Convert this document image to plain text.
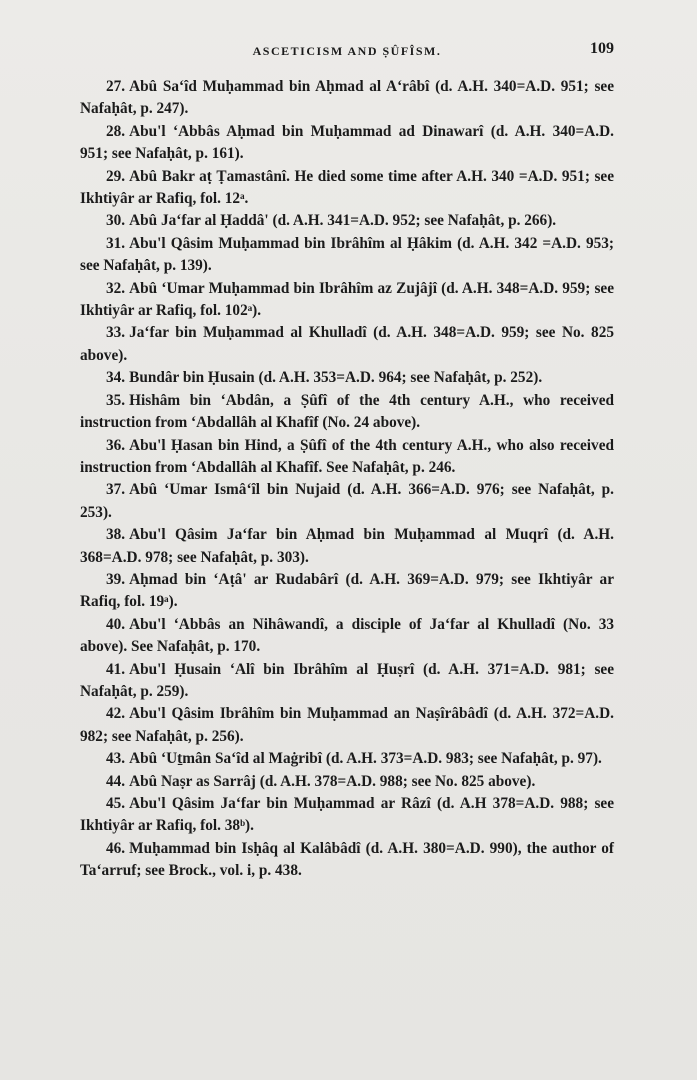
ASCETICISM AND ṢÛFÎSM.	109

27. Abû Sa‘îd Muḥammad bin Aḥmad al A‘râbî (d. A.H. 340=A.D. 951; see Nafaḥât, p. 247).

28. Abu'l ‘Abbâs Aḥmad bin Muḥammad ad Dinawarî (d. A.H. 340=A.D. 951; see Nafaḥât, p. 161).

29. Abû Bakr aṭ Ṭamastânî. He died some time after A.H. 340 =A.D. 951; see Ikhtiyâr ar Rafiq, fol. 12ᵃ.

30. Abû Ja‘far al Ḥaddâ' (d. A.H. 341=A.D. 952; see Nafaḥât, p. 266).

31. Abu'l Qâsim Muḥammad bin Ibrâhîm al Ḥâkim (d. A.H. 342 =A.D. 953; see Nafaḥât, p. 139).

32. Abû ‘Umar Muḥammad bin Ibrâhîm az Zujâjî (d. A.H. 348=A.D. 959; see Ikhtiyâr ar Rafiq, fol. 102ᵃ).

33. Ja‘far bin Muḥammad al Khulladî (d. A.H. 348=A.D. 959; see No. 825 above).

34. Bundâr bin Ḥusain (d. A.H. 353=A.D. 964; see Nafaḥât, p. 252).

35. Hishâm bin ‘Abdân, a Ṣûfî of the 4th century A.H., who received instruction from ‘Abdallâh al Khafîf (No. 24 above).

36. Abu'l Ḥasan bin Hind, a Ṣûfî of the 4th century A.H., who also received instruction from ‘Abdallâh al Khafîf. See Nafaḥât, p. 246.

37. Abû ‘Umar Ismâ‘îl bin Nujaid (d. A.H. 366=A.D. 976; see Nafaḥât, p. 253).

38. Abu'l Qâsim Ja‘far bin Aḥmad bin Muḥammad al Muqrî (d. A.H. 368=A.D. 978; see Nafaḥât, p. 303).

39. Aḥmad bin ‘Aṭâ' ar Rudabârî (d. A.H. 369=A.D. 979; see Ikhtiyâr ar Rafiq, fol. 19ᵃ).

40. Abu'l ‘Abbâs an Nihâwandî, a disciple of Ja‘far al Khulladî (No. 33 above). See Nafaḥât, p. 170.

41. Abu'l Ḥusain ‘Alî bin Ibrâhîm al Ḥuṣrî (d. A.H. 371=A.D. 981; see Nafaḥât, p. 259).

42. Abu'l Qâsim Ibrâhîm bin Muḥammad an Naṣîrâbâdî (d. A.H. 372=A.D. 982; see Nafaḥât, p. 256).

43. Abû ‘Uṯmân Sa‘îd al Maġribî (d. A.H. 373=A.D. 983; see Nafaḥât, p. 97).

44. Abû Naṣr as Sarrâj (d. A.H. 378=A.D. 988; see No. 825 above).

45. Abu'l Qâsim Ja‘far bin Muḥammad ar Râzî (d. A.H 378=A.D. 988; see Ikhtiyâr ar Rafiq, fol. 38ᵇ).

46. Muḥammad bin Isḥâq al Kalâbâdî (d. A.H. 380=A.D. 990), the author of Ta‘arruf; see Brock., vol. i, p. 438.
